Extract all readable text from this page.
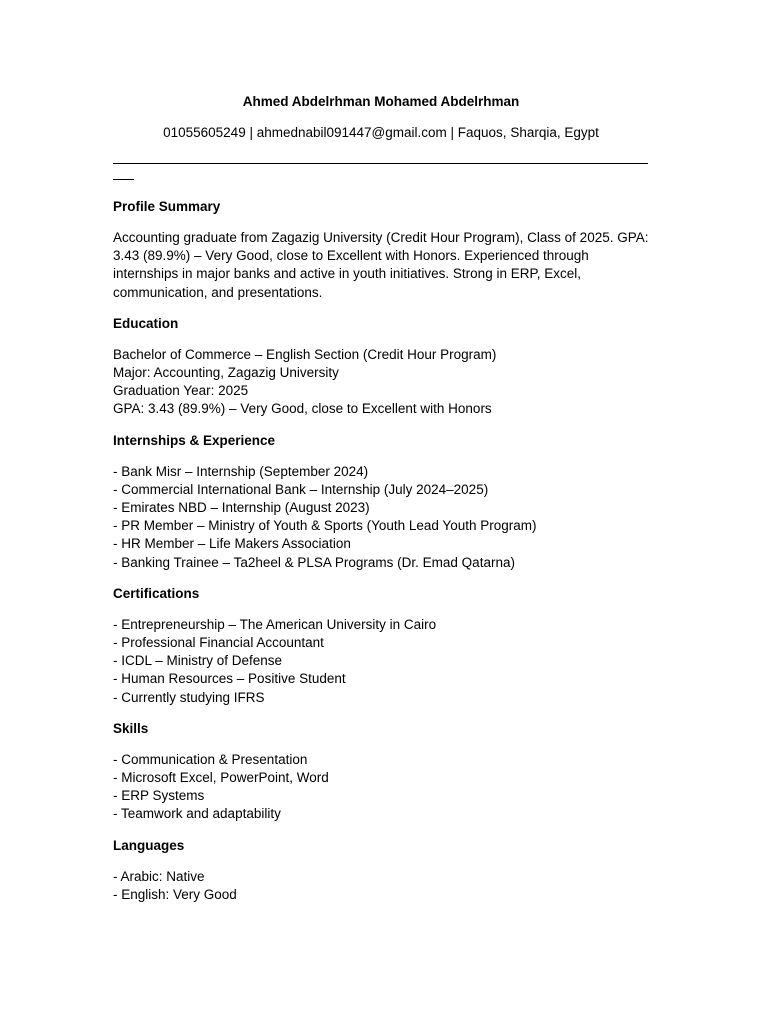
Ahmed Abdelrhman Mohamed Abdelrhman

01055605249 | ahmednabil091447@gmail.com | Faquos, Sharqia, Egypt

Profile Summary

Accounting graduate from Zagazig University (Credit Hour Program), Class of 2025. GPA: 3.43 (89.9%) – Very Good, close to Excellent with Honors. Experienced through internships in major banks and active in youth initiatives. Strong in ERP, Excel, communication, and presentations.

Education

Bachelor of Commerce – English Section (Credit Hour Program)
Major: Accounting, Zagazig University
Graduation Year: 2025
GPA: 3.43 (89.9%) – Very Good, close to Excellent with Honors

Internships & Experience

- Bank Misr – Internship (September 2024)
- Commercial International Bank – Internship (July 2024–2025)
- Emirates NBD – Internship (August 2023)
- PR Member – Ministry of Youth & Sports (Youth Lead Youth Program)
- HR Member – Life Makers Association
- Banking Trainee – Ta2heel & PLSA Programs (Dr. Emad Qatarna)

Certifications

- Entrepreneurship – The American University in Cairo
- Professional Financial Accountant
- ICDL – Ministry of Defense
- Human Resources – Positive Student
- Currently studying IFRS

Skills

- Communication & Presentation
- Microsoft Excel, PowerPoint, Word
- ERP Systems
- Teamwork and adaptability

Languages

- Arabic: Native
- English: Very Good
